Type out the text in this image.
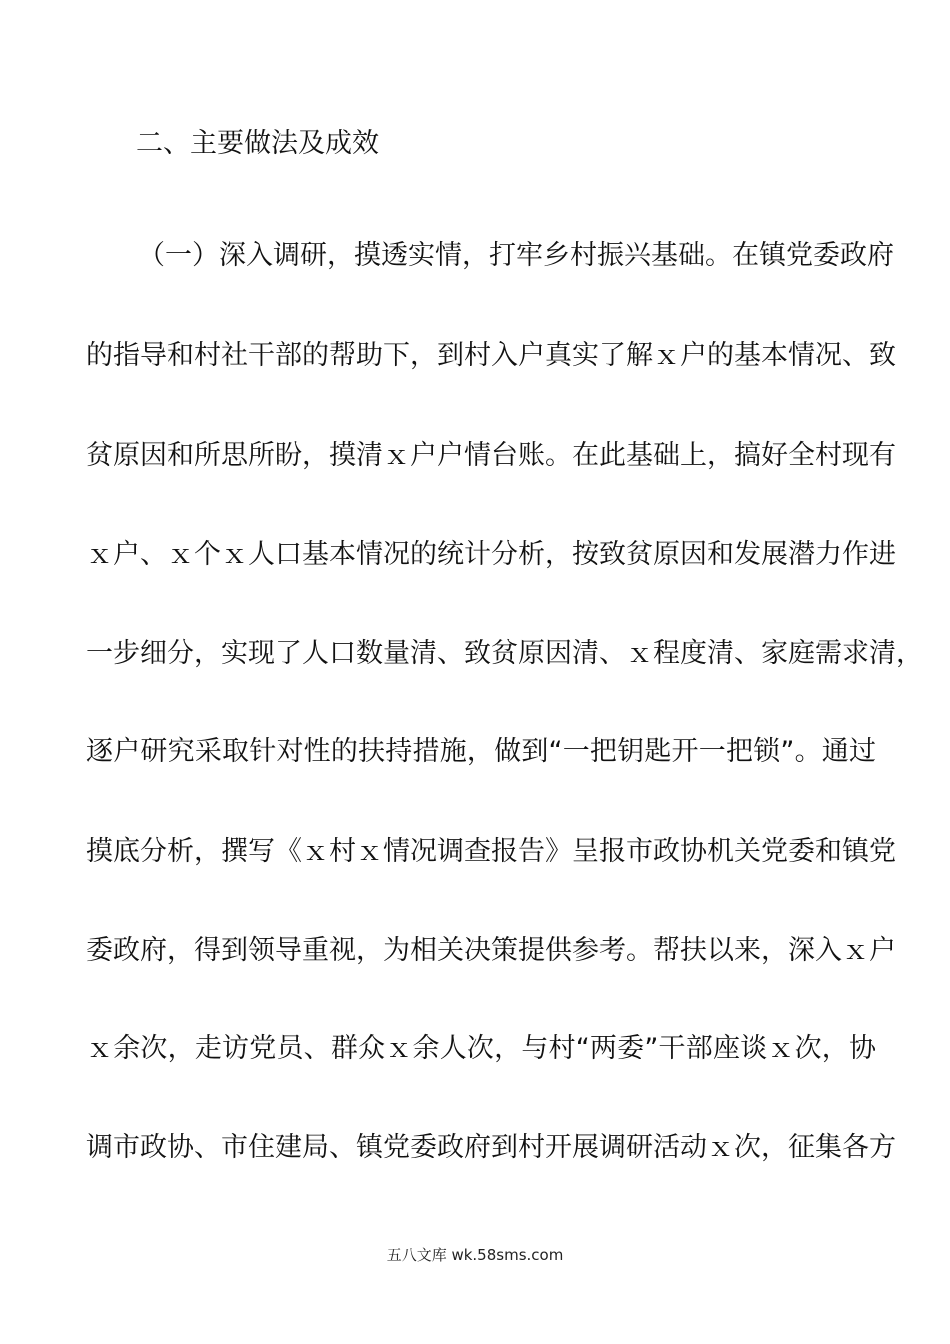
二、主要做法及成效
（一）深入调研，摸透实情，打牢乡村振兴基础。在镇党委政府
的指导和村社干部的帮助下，到村入户真实了解ｘ户的基本情况、致
贫原因和所思所盼，摸清ｘ户户情台账。在此基础上，搞好全村现有
ｘ户、ｘ个ｘ人口基本情况的统计分析，按致贫原因和发展潜力作进
一步细分，实现了人口数量清、致贫原因清、ｘ程度清、家庭需求清，
逐户研究采取针对性的扶持措施，做到“一把钥匙开一把锁”。通过
摸底分析，撰写《ｘ村ｘ情况调查报告》呈报市政协机关党委和镇党
委政府，得到领导重视，为相关决策提供参考。帮扶以来，深入ｘ户
ｘ余次，走访党员、群众ｘ余人次，与村“两委”干部座谈ｘ次，协
调市政协、市住建局、镇党委政府到村开展调研活动ｘ次，征集各方
五八文库 wk.58sms.com
